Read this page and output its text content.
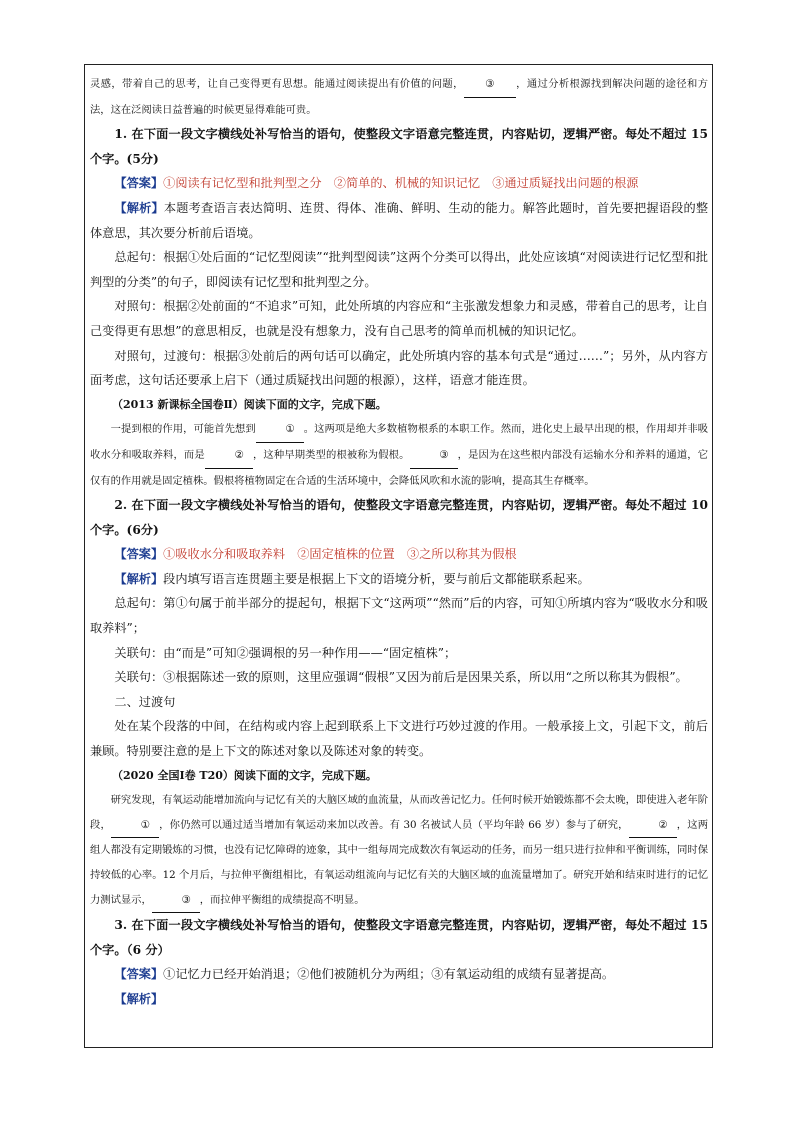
灵感，带着自己的思考，让自己变得更有思想。能通过阅读提出有价值的问题， ③ ，通过分析根源找到解决问题的途径和方法，这在泛阅读日益普遍的时候更显得难能可贵。

1. 在下面一段文字横线处补写恰当的语句，使整段文字语意完整连贯，内容贴切，逻辑严密。每处不超过 15 个字。(5分)

【答案】①阅读有记忆型和批判型之分　②简单的、机械的知识记忆　③通过质疑找出问题的根源

【解析】本题考查语言表达简明、连贯、得体、准确、鲜明、生动的能力。解答此题时，首先要把握语段的整体意思，其次要分析前后语境。

总起句：根据①处后面的“记忆型阅读”“批判型阅读”这两个分类可以得出，此处应该填“对阅读进行记忆型和批判型的分类”的句子，即阅读有记忆型和批判型之分。

对照句：根据②处前面的“不追求”可知，此处所填的内容应和“主张激发想象力和灵感，带着自己的思考，让自己变得更有思想”的意思相反，也就是没有想象力，没有自己思考的简单而机械的知识记忆。

对照句，过渡句：根据③处前后的两句话可以确定，此处所填内容的基本句式是“通过……”；另外，从内容方面考虑，这句话还要承上启下（通过质疑找出问题的根源），这样，语意才能连贯。

（2013 新课标全国卷Ⅱ）阅读下面的文字，完成下题。

一提到根的作用，可能首先想到	① 。这两项是绝大多数植物根系的本职工作。然而，进化史上最早出现的根，作用却并非吸收水分和吸取养料，而是	② ，这种早期类型的根被称为假根。	③ ，是因为在这些根内部没有运输水分和养料的通道，它仅有的作用就是固定植株。假根将植物固定在合适的生活环境中，会降低风吹和水流的影响，提高其生存概率。

2. 在下面一段文字横线处补写恰当的语句，使整段文字语意完整连贯，内容贴切，逻辑严密。每处不超过 10 个字。(6分)

【答案】①吸收水分和吸取养料　②固定植株的位置　③之所以称其为假根

【解析】段内填写语言连贯题主要是根据上下文的语境分析，要与前后文都能联系起来。

总起句：第①句属于前半部分的提起句，根据下文“这两项”“然而”后的内容，可知①所填内容为“吸收水分和吸取养料”；

关联句：由“而是”可知②强调根的另一种作用——“固定植株”；

关联句：③根据陈述一致的原则，这里应强调“假根”又因为前后是因果关系，所以用“之所以称其为假根”。

二、过渡句

处在某个段落的中间，在结构或内容上起到联系上下文进行巧妙过渡的作用。一般承接上文，引起下文，前后兼顾。特别要注意的是上下文的陈述对象以及陈述对象的转变。

（2020 全国Ⅰ卷 T20）阅读下面的文字，完成下题。

研究发现，有氧运动能增加流向与记忆有关的大脑区域的血流量，从而改善记忆力。任何时候开始锻炼都不会太晚，即使进入老年阶段，	① ，你仍然可以通过适当增加有氧运动来加以改善。有 30 名被试人员（平均年龄 66 岁）参与了研究，	② ，这两组人都没有定期锻炼的习惯，也没有记忆障碍的迹象，其中一组每周完成数次有氧运动的任务，而另一组只进行拉伸和平衡训练，同时保持较低的心率。12 个月后，与拉伸平衡组相比，有氧运动组流向与记忆有关的大脑区域的血流量增加了。研究开始和结束时进行的记忆力测试显示，	③ ，而拉伸平衡组的成绩提高不明显。

3. 在下面一段文字横线处补写恰当的语句，使整段文字语意完整连贯，内容贴切，逻辑严密，每处不超过 15 个字。（6 分）

【答案】①记忆力已经开始消退；②他们被随机分为两组；③有氧运动组的成绩有显著提高。

【解析】
